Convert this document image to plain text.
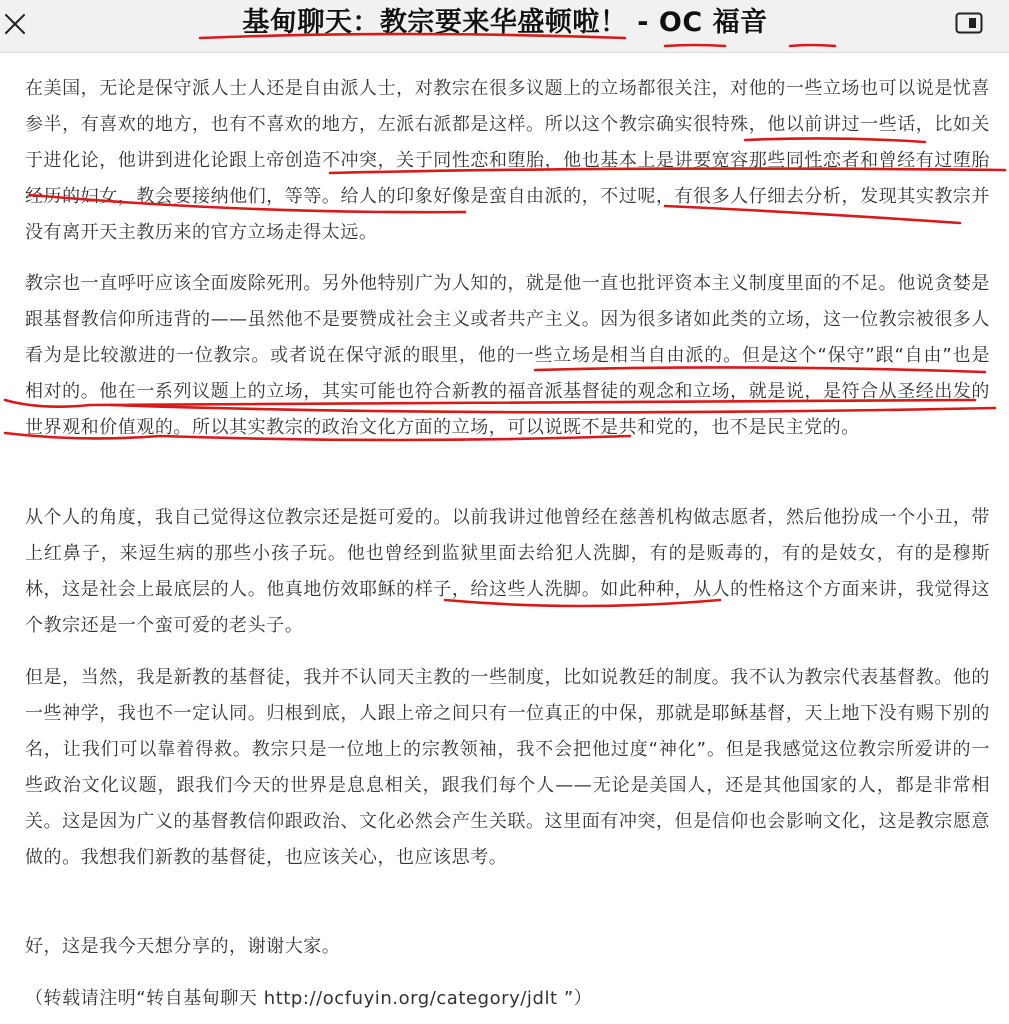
基甸聊天：教宗要来华盛顿啦！ - OC 福音

在美国，无论是保守派人士人还是自由派人士，对教宗在很多议题上的立场都很关注，对他的一些立场也可以说是忧喜参半，有喜欢的地方，也有不喜欢的地方，左派右派都是这样。所以这个教宗确实很特殊，他以前讲过一些话，比如关于进化论，他讲到进化论跟上帝创造不冲突，关于同性恋和堕胎，他也基本上是讲要宽容那些同性恋者和曾经有过堕胎经历的妇女，教会要接纳他们，等等。给人的印象好像是蛮自由派的，不过呢，有很多人仔细去分析，发现其实教宗并没有离开天主教历来的官方立场走得太远。

教宗也一直呼吁应该全面废除死刑。另外他特别广为人知的，就是他一直也批评资本主义制度里面的不足。他说贪婪是跟基督教信仰所违背的——虽然他不是要赞成社会主义或者共产主义。因为很多诸如此类的立场，这一位教宗被很多人看为是比较激进的一位教宗。或者说在保守派的眼里，他的一些立场是相当自由派的。但是这个“保守”跟“自由”也是相对的。他在一系列议题上的立场，其实可能也符合新教的福音派基督徒的观念和立场，就是说，是符合从圣经出发的世界观和价值观的。所以其实教宗的政治文化方面的立场，可以说既不是共和党的，也不是民主党的。

从个人的角度，我自己觉得这位教宗还是挺可爱的。以前我讲过他曾经在慈善机构做志愿者，然后他扮成一个小丑，带上红鼻子，来逗生病的那些小孩子玩。他也曾经到监狱里面去给犯人洗脚，有的是贩毒的，有的是妓女，有的是穆斯林，这是社会上最底层的人。他真地仿效耶稣的样子，给这些人洗脚。如此种种，从人的性格这个方面来讲，我觉得这个教宗还是一个蛮可爱的老头子。

但是，当然，我是新教的基督徒，我并不认同天主教的一些制度，比如说教廷的制度。我不认为教宗代表基督教。他的一些神学，我也不一定认同。归根到底，人跟上帝之间只有一位真正的中保，那就是耶稣基督，天上地下没有赐下别的名，让我们可以靠着得救。教宗只是一位地上的宗教领袖，我不会把他过度“神化”。但是我感觉这位教宗所爱讲的一些政治文化议题，跟我们今天的世界是息息相关，跟我们每个人——无论是美国人，还是其他国家的人，都是非常相关。这是因为广义的基督教信仰跟政治、文化必然会产生关联。这里面有冲突，但是信仰也会影响文化，这是教宗愿意做的。我想我们新教的基督徒，也应该关心，也应该思考。

好，这是我今天想分享的，谢谢大家。

（转载请注明“转自基甸聊天 http://ocfuyin.org/category/jdlt ”）
